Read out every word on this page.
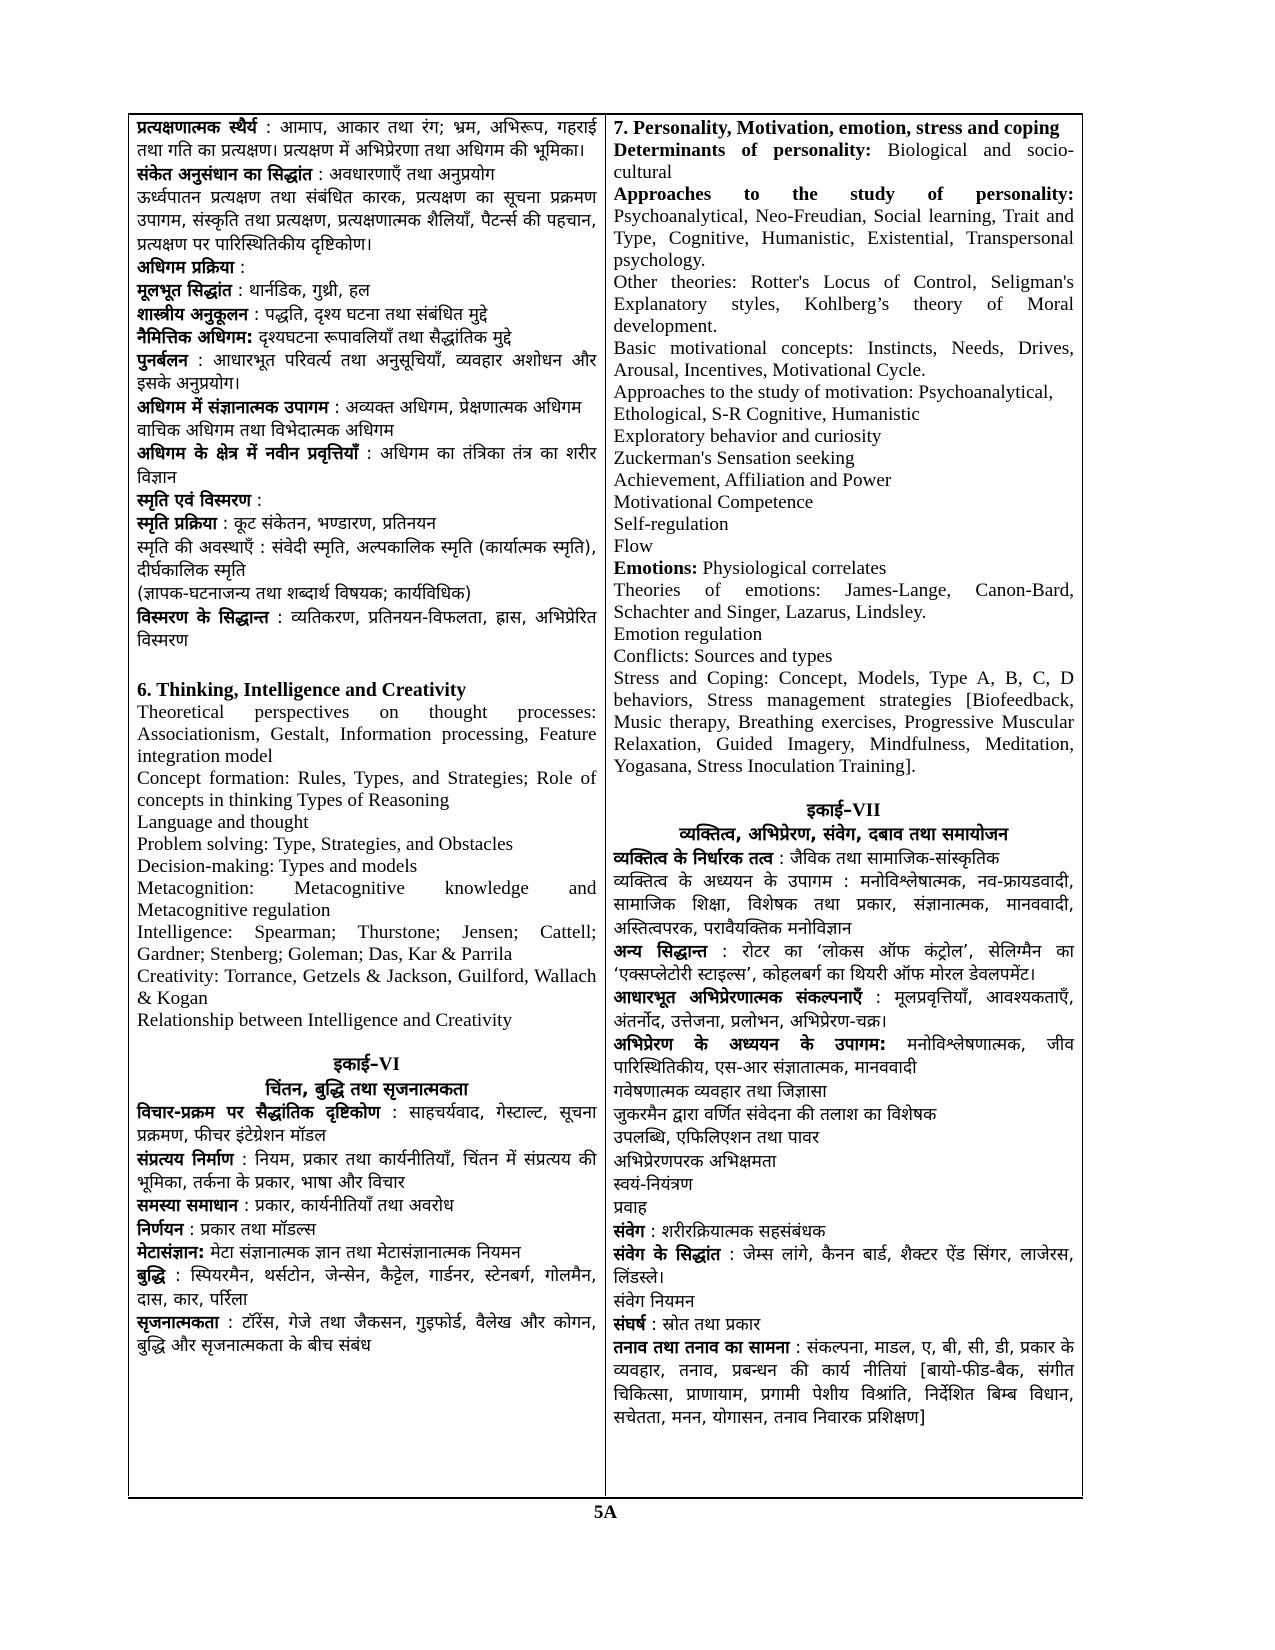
प्रत्यक्षणात्मक स्थैर्य : आमाप, आकार तथा रंग; भ्रम, अभिरूप, गहराई तथा गति का प्रत्यक्षण। प्रत्यक्षण में अभिप्रेरणा तथा अधिगम की भूमिका।

संकेत अनुसंधान का सिद्धांत : अवधारणाएँ तथा अनुप्रयोग

ऊर्ध्वपातन प्रत्यक्षण तथा संबंधित कारक, प्रत्यक्षण का सूचना प्रक्रमण उपागम, संस्कृति तथा प्रत्यक्षण, प्रत्यक्षणात्मक शैलियाँ, पैटर्न्स की पहचान, प्रत्यक्षण पर पारिस्थितिकीय दृष्टिकोण।

अधिगम प्रक्रिया :

मूलभूत सिद्धांत : थार्नडिक, गुथ्री, हल

शास्त्रीय अनुकूलन : पद्धति, दृश्य घटना तथा संबंधित मुद्दे

नैमित्तिक अधिगम: दृश्यघटना रूपावलियाँ तथा सैद्धांतिक मुद्दे

पुनर्बलन : आधारभूत परिवर्त्य तथा अनुसूचियाँ, व्यवहार अशोधन और इसके अनुप्रयोग।

अधिगम में संज्ञानात्मक उपागम : अव्यक्त अधिगम, प्रेक्षणात्मक अधिगम

वाचिक अधिगम तथा विभेदात्मक अधिगम

अधिगम के क्षेत्र में नवीन प्रवृत्तियाँ : अधिगम का तंत्रिका तंत्र का शरीर विज्ञान

स्मृति एवं विस्मरण :

स्मृति प्रक्रिया : कूट संकेतन, भण्डारण, प्रतिनयन

स्मृति की अवस्थाएँ : संवेदी स्मृति, अल्पकालिक स्मृति (कार्यात्मक स्मृति), दीर्घकालिक स्मृति

(ज्ञापक-घटनाजन्य तथा शब्दार्थ विषयक; कार्यविधिक)

विस्मरण के सिद्धान्त : व्यतिकरण, प्रतिनयन-विफलता, ह्रास, अभिप्रेरित विस्मरण

6. Thinking, Intelligence and Creativity

Theoretical perspectives on thought processes: Associationism, Gestalt, Information processing, Feature integration model

Concept formation: Rules, Types, and Strategies; Role of concepts in thinking Types of Reasoning

Language and thought

Problem solving: Type, Strategies, and Obstacles

Decision-making: Types and models

Metacognition: Metacognitive knowledge and Metacognitive regulation

Intelligence: Spearman; Thurstone; Jensen; Cattell; Gardner; Stenberg; Goleman; Das, Kar & Parrila

Creativity: Torrance, Getzels & Jackson, Guilford, Wallach & Kogan

Relationship between Intelligence and Creativity

इकाई–VI

चिंतन, बुद्धि तथा सृजनात्मकता

विचार-प्रक्रम पर सैद्धांतिक दृष्टिकोण : साहचर्यवाद, गेस्टाल्ट, सूचना प्रक्रमण, फीचर इंटेग्रेशन मॉडल

संप्रत्यय निर्माण : नियम, प्रकार तथा कार्यनीतियाँ, चिंतन में संप्रत्यय की भूमिका, तर्कना के प्रकार, भाषा और विचार

समस्या समाधान : प्रकार, कार्यनीतियाँ तथा अवरोध

निर्णयन : प्रकार तथा मॉडल्स

मेटासंज्ञान: मेटा संज्ञानात्मक ज्ञान तथा मेटासंज्ञानात्मक नियमन

बुद्धि : स्पियरमैन, थर्सटोन, जेन्सेन, कैट्टेल, गार्डनर, स्टेनबर्ग, गोलमैन, दास, कार, पर्रिला

सृजनात्मकता : टॉरेंस, गेजे तथा जैकसन, गुइफोर्ड, वैलेख और कोगन, बुद्धि और सृजनात्मकता के बीच संबंध

7. Personality, Motivation, emotion, stress and coping

Determinants of personality: Biological and socio-cultural

Approaches to the study of personality: Psychoanalytical, Neo-Freudian, Social learning, Trait and Type, Cognitive, Humanistic, Existential, Transpersonal psychology.

Other theories: Rotter's Locus of Control, Seligman's Explanatory styles, Kohlberg’s theory of Moral development.

Basic motivational concepts: Instincts, Needs, Drives, Arousal, Incentives, Motivational Cycle.

Approaches to the study of motivation: Psychoanalytical, Ethological, S-R Cognitive, Humanistic

Exploratory behavior and curiosity

Zuckerman's Sensation seeking

Achievement, Affiliation and Power

Motivational Competence

Self-regulation

Flow

Emotions: Physiological correlates

Theories of emotions: James-Lange, Canon-Bard, Schachter and Singer, Lazarus, Lindsley.

Emotion regulation

Conflicts: Sources and types

Stress and Coping: Concept, Models, Type A, B, C, D behaviors, Stress management strategies [Biofeedback, Music therapy, Breathing exercises, Progressive Muscular Relaxation, Guided Imagery, Mindfulness, Meditation, Yogasana, Stress Inoculation Training].

इकाई–VII

व्यक्तित्व, अभिप्रेरण, संवेग, दबाव तथा समायोजन

व्यक्तित्व के निर्धारक तत्व : जैविक तथा सामाजिक-सांस्कृतिक

व्यक्तित्व के अध्ययन के उपागम : मनोविश्लेषात्मक, नव-फ्रायडवादी, सामाजिक शिक्षा, विशेषक तथा प्रकार, संज्ञानात्मक, मानववादी, अस्तित्वपरक, परावैयक्तिक मनोविज्ञान

अन्य सिद्धान्त : रोटर का ‘लोकस ऑफ कंट्रोल’, सेलिग्मैन का ‘एक्सप्लेटोरी स्टाइल्स’, कोहलबर्ग का थियरी ऑफ मोरल डेवलपमेंट।

आधारभूत अभिप्रेरणात्मक संकल्पनाएँ : मूलप्रवृत्तियाँ, आवश्यकताएँ, अंतर्नोद, उत्तेजना, प्रलोभन, अभिप्रेरण-चक्र।

अभिप्रेरण के अध्ययन के उपागम: मनोविश्लेषणात्मक, जीव पारिस्थितिकीय, एस-आर संज्ञातात्मक, मानववादी

गवेषणात्मक व्यवहार तथा जिज्ञासा

जुकरमैन द्वारा वर्णित संवेदना की तलाश का विशेषक

उपलब्धि, एफिलिएशन तथा पावर

अभिप्रेरणपरक अभिक्षमता

स्वयं-नियंत्रण

प्रवाह

संवेग : शरीरक्रियात्मक सहसंबंधक

संवेग के सिद्धांत : जेम्स लांगे, कैनन बार्ड, शैक्टर ऐंड सिंगर, लाजेरस, लिंडस्ले।

संवेग नियमन

संघर्ष : स्रोत तथा प्रकार

तनाव तथा तनाव का सामना : संकल्पना, माडल, ए, बी, सी, डी, प्रकार के व्यवहार, तनाव, प्रबन्धन की कार्य नीतियां [बायो-फीड-बैक, संगीत चिकित्सा, प्राणायाम, प्रगामी पेशीय विश्रांति, निर्देशित बिम्ब विधान, सचेतता, मनन, योगासन, तनाव निवारक प्रशिक्षण]

5A
